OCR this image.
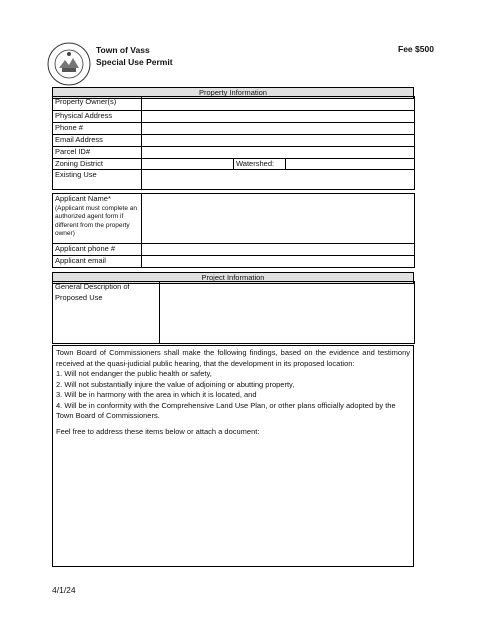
Town of Vass
Special Use Permit
Fee $500
Property Information
Property Owner(s)			
Physical Address			
Phone #			
Email Address			
Parcel ID#			
Zoning District		Watershed:	
Existing Use			
Applicant Name*
(Applicant must complete an authorized agent form if different from the property owner)	

Applicant phone #	
Applicant email	
Project Information
General Description of Proposed Use	

Town Board of Commissioners shall make the following findings, based on the evidence and testimony received at the quasi-judicial public hearing, that the development in its proposed location:

1. Will not endanger the public health or safety,
2. Will not substantially injure the value of adjoining or abutting property,
3. Will be in harmony with the area in which it is located, and
4. Will be in conformity with the Comprehensive Land Use Plan, or other plans officially adopted by the Town Board of Commissioners.

Feel free to address these items below or attach a document:

4/1/24
